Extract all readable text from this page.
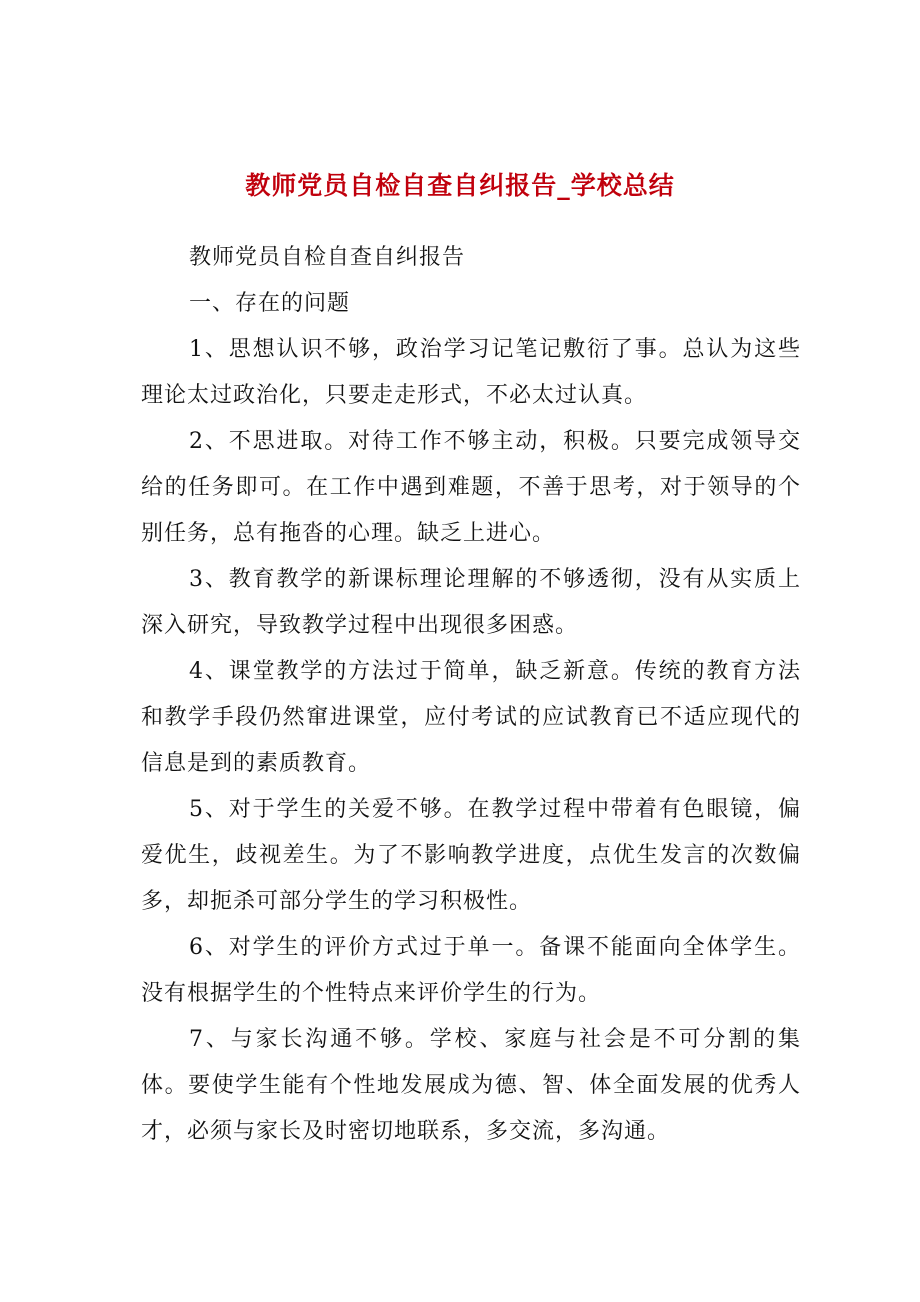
教师党员自检自查自纠报告_学校总结

教师党员自检自查自纠报告

一、存在的问题

1、思想认识不够，政治学习记笔记敷衍了事。总认为这些理论太过政治化，只要走走形式，不必太过认真。

2、不思进取。对待工作不够主动，积极。只要完成领导交给的任务即可。在工作中遇到难题，不善于思考，对于领导的个别任务，总有拖沓的心理。缺乏上进心。

3、教育教学的新课标理论理解的不够透彻，没有从实质上深入研究，导致教学过程中出现很多困惑。

4、课堂教学的方法过于简单，缺乏新意。传统的教育方法和教学手段仍然窜进课堂，应付考试的应试教育已不适应现代的信息是到的素质教育。

5、对于学生的关爱不够。在教学过程中带着有色眼镜，偏爱优生，歧视差生。为了不影响教学进度，点优生发言的次数偏多，却扼杀可部分学生的学习积极性。

6、对学生的评价方式过于单一。备课不能面向全体学生。没有根据学生的个性特点来评价学生的行为。

7、与家长沟通不够。学校、家庭与社会是不可分割的集体。要使学生能有个性地发展成为德、智、体全面发展的优秀人才，必须与家长及时密切地联系，多交流，多沟通。
